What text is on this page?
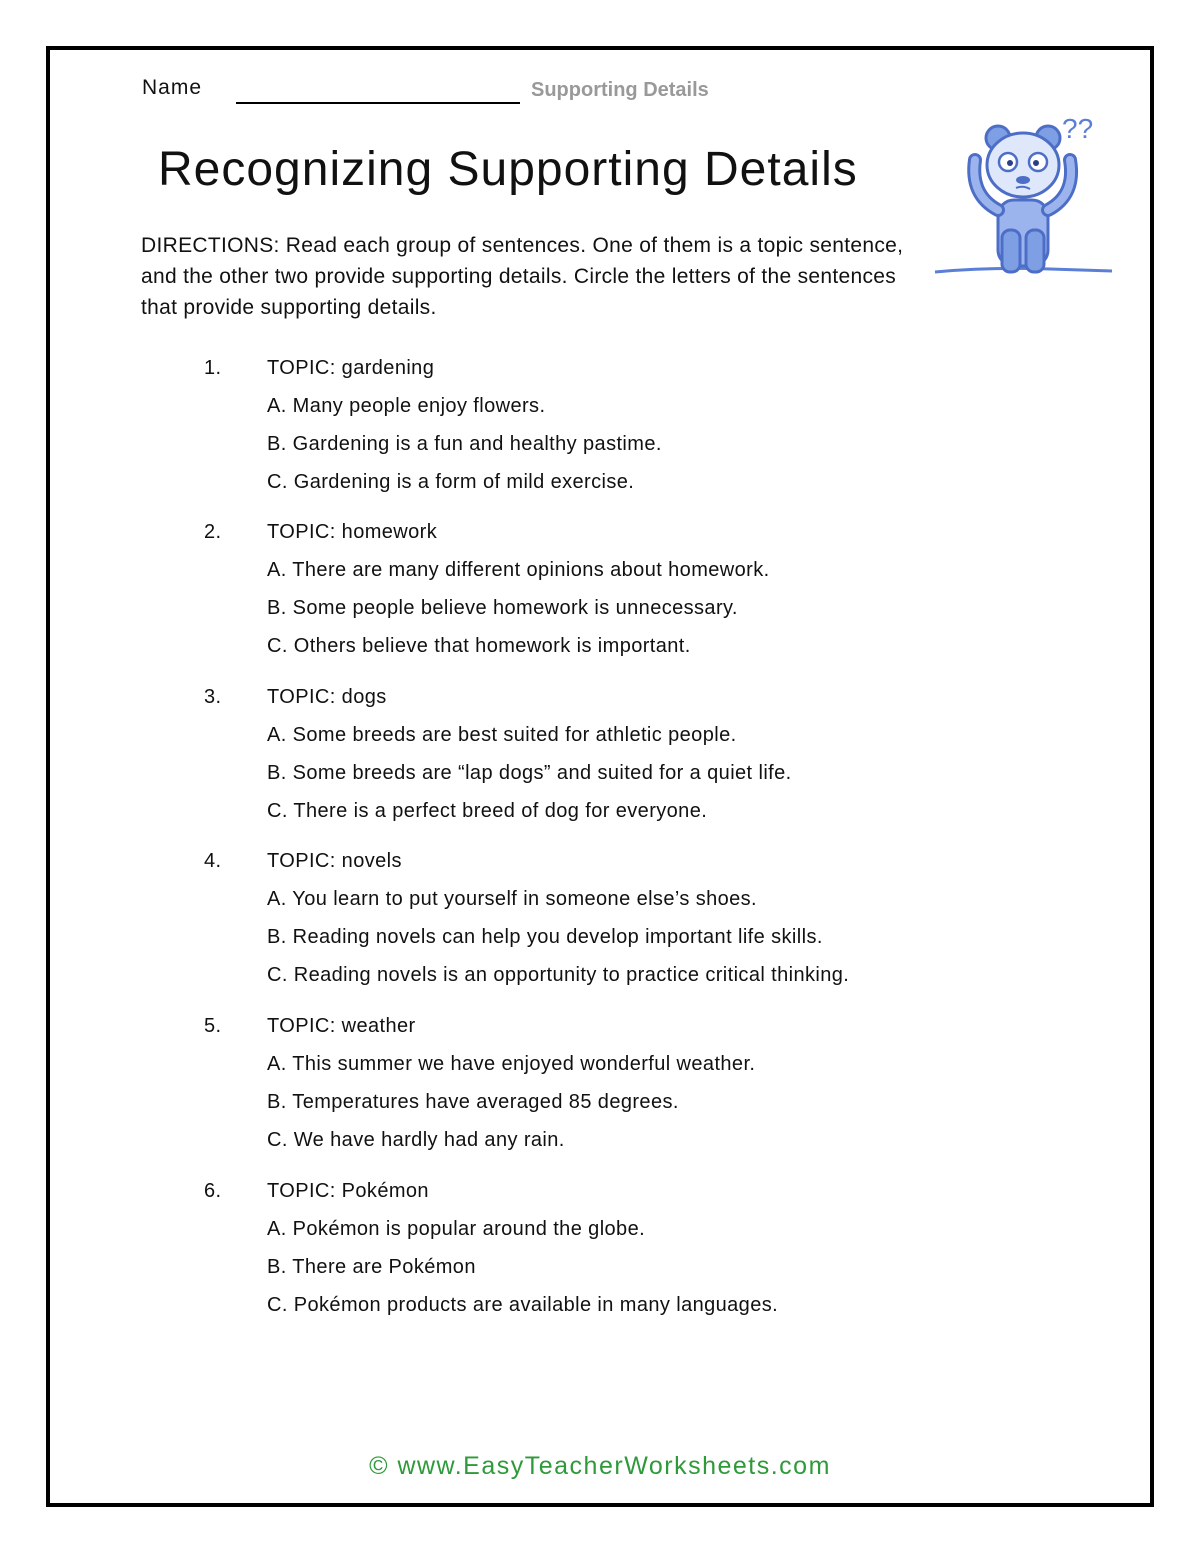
Name	Supporting Details
Recognizing Supporting Details
DIRECTIONS: Read each group of sentences. One of them is a topic sentence, and the other two provide supporting details. Circle the letters of the sentences that provide supporting details.
??
1. TOPIC: gardening
A. Many people enjoy flowers.
B. Gardening is a fun and healthy pastime.
C. Gardening is a form of mild exercise.
2. TOPIC: homework
A. There are many different opinions about homework.
B. Some people believe homework is unnecessary.
C. Others believe that homework is important.
3. TOPIC: dogs
A. Some breeds are best suited for athletic people.
B. Some breeds are “lap dogs” and suited for a quiet life.
C. There is a perfect breed of dog for everyone.
4. TOPIC: novels
A. You learn to put yourself in someone else’s shoes.
B. Reading novels can help you develop important life skills.
C. Reading novels is an opportunity to practice critical thinking.
5. TOPIC: weather
A. This summer we have enjoyed wonderful weather.
B. Temperatures have averaged 85 degrees.
C. We have hardly had any rain.
6. TOPIC: Pokémon
A. Pokémon is popular around the globe.
B. There are Pokémon
C. Pokémon products are available in many languages.
© www.EasyTeacherWorksheets.com
